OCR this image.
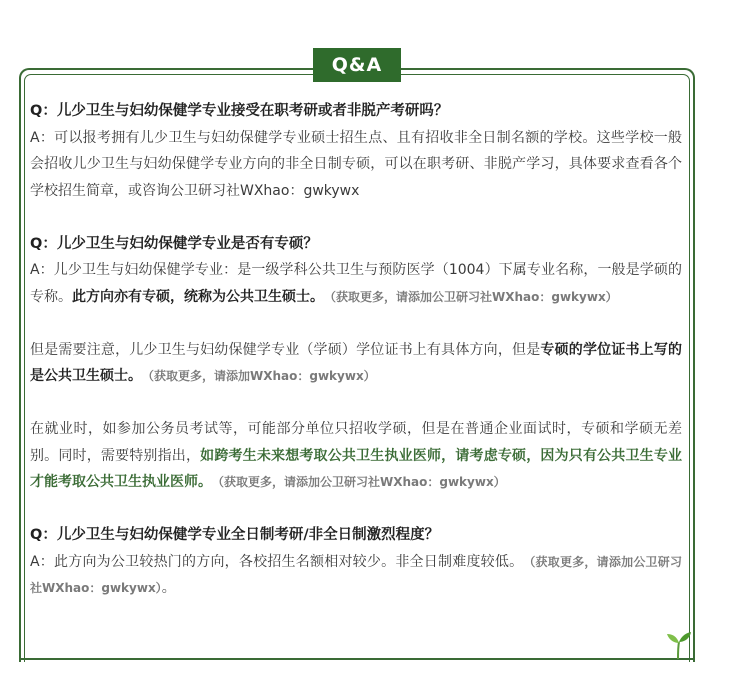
Q&A
Q：儿少卫生与妇幼保健学专业接受在职考研或者非脱产考研吗？
A：可以报考拥有儿少卫生与妇幼保健学专业硕士招生点、且有招收非全日制名额的学校。这些学校一般会招收儿少卫生与妇幼保健学专业方向的非全日制专硕，可以在职考研、非脱产学习，具体要求查看各个学校招生简章，或咨询公卫研习社WXhao：gwkywx
Q：儿少卫生与妇幼保健学专业是否有专硕？
A：儿少卫生与妇幼保健学专业：是一级学科公共卫生与预防医学（1004）下属专业名称，一般是学硕的专称。此方向亦有专硕，统称为公共卫生硕士。 （获取更多，请添加公卫研习社WXhao：gwkywx）
但是需要注意，儿少卫生与妇幼保健学专业（学硕）学位证书上有具体方向，但是专硕的学位证书上写的是公共卫生硕士。 （获取更多，请添加WXhao：gwkywx）
在就业时，如参加公务员考试等，可能部分单位只招收学硕，但是在普通企业面试时，专硕和学硕无差别。同时，需要特别指出，如跨考生未来想考取公共卫生执业医师，请考虑专硕，因为只有公共卫生专业才能考取公共卫生执业医师。 （获取更多，请添加公卫研习社WXhao：gwkywx）
Q：儿少卫生与妇幼保健学专业全日制考研/非全日制激烈程度？
A：此方向为公卫较热门的方向，各校招生名额相对较少。非全日制难度较低。 （获取更多，请添加公卫研习社WXhao：gwkywx）。
